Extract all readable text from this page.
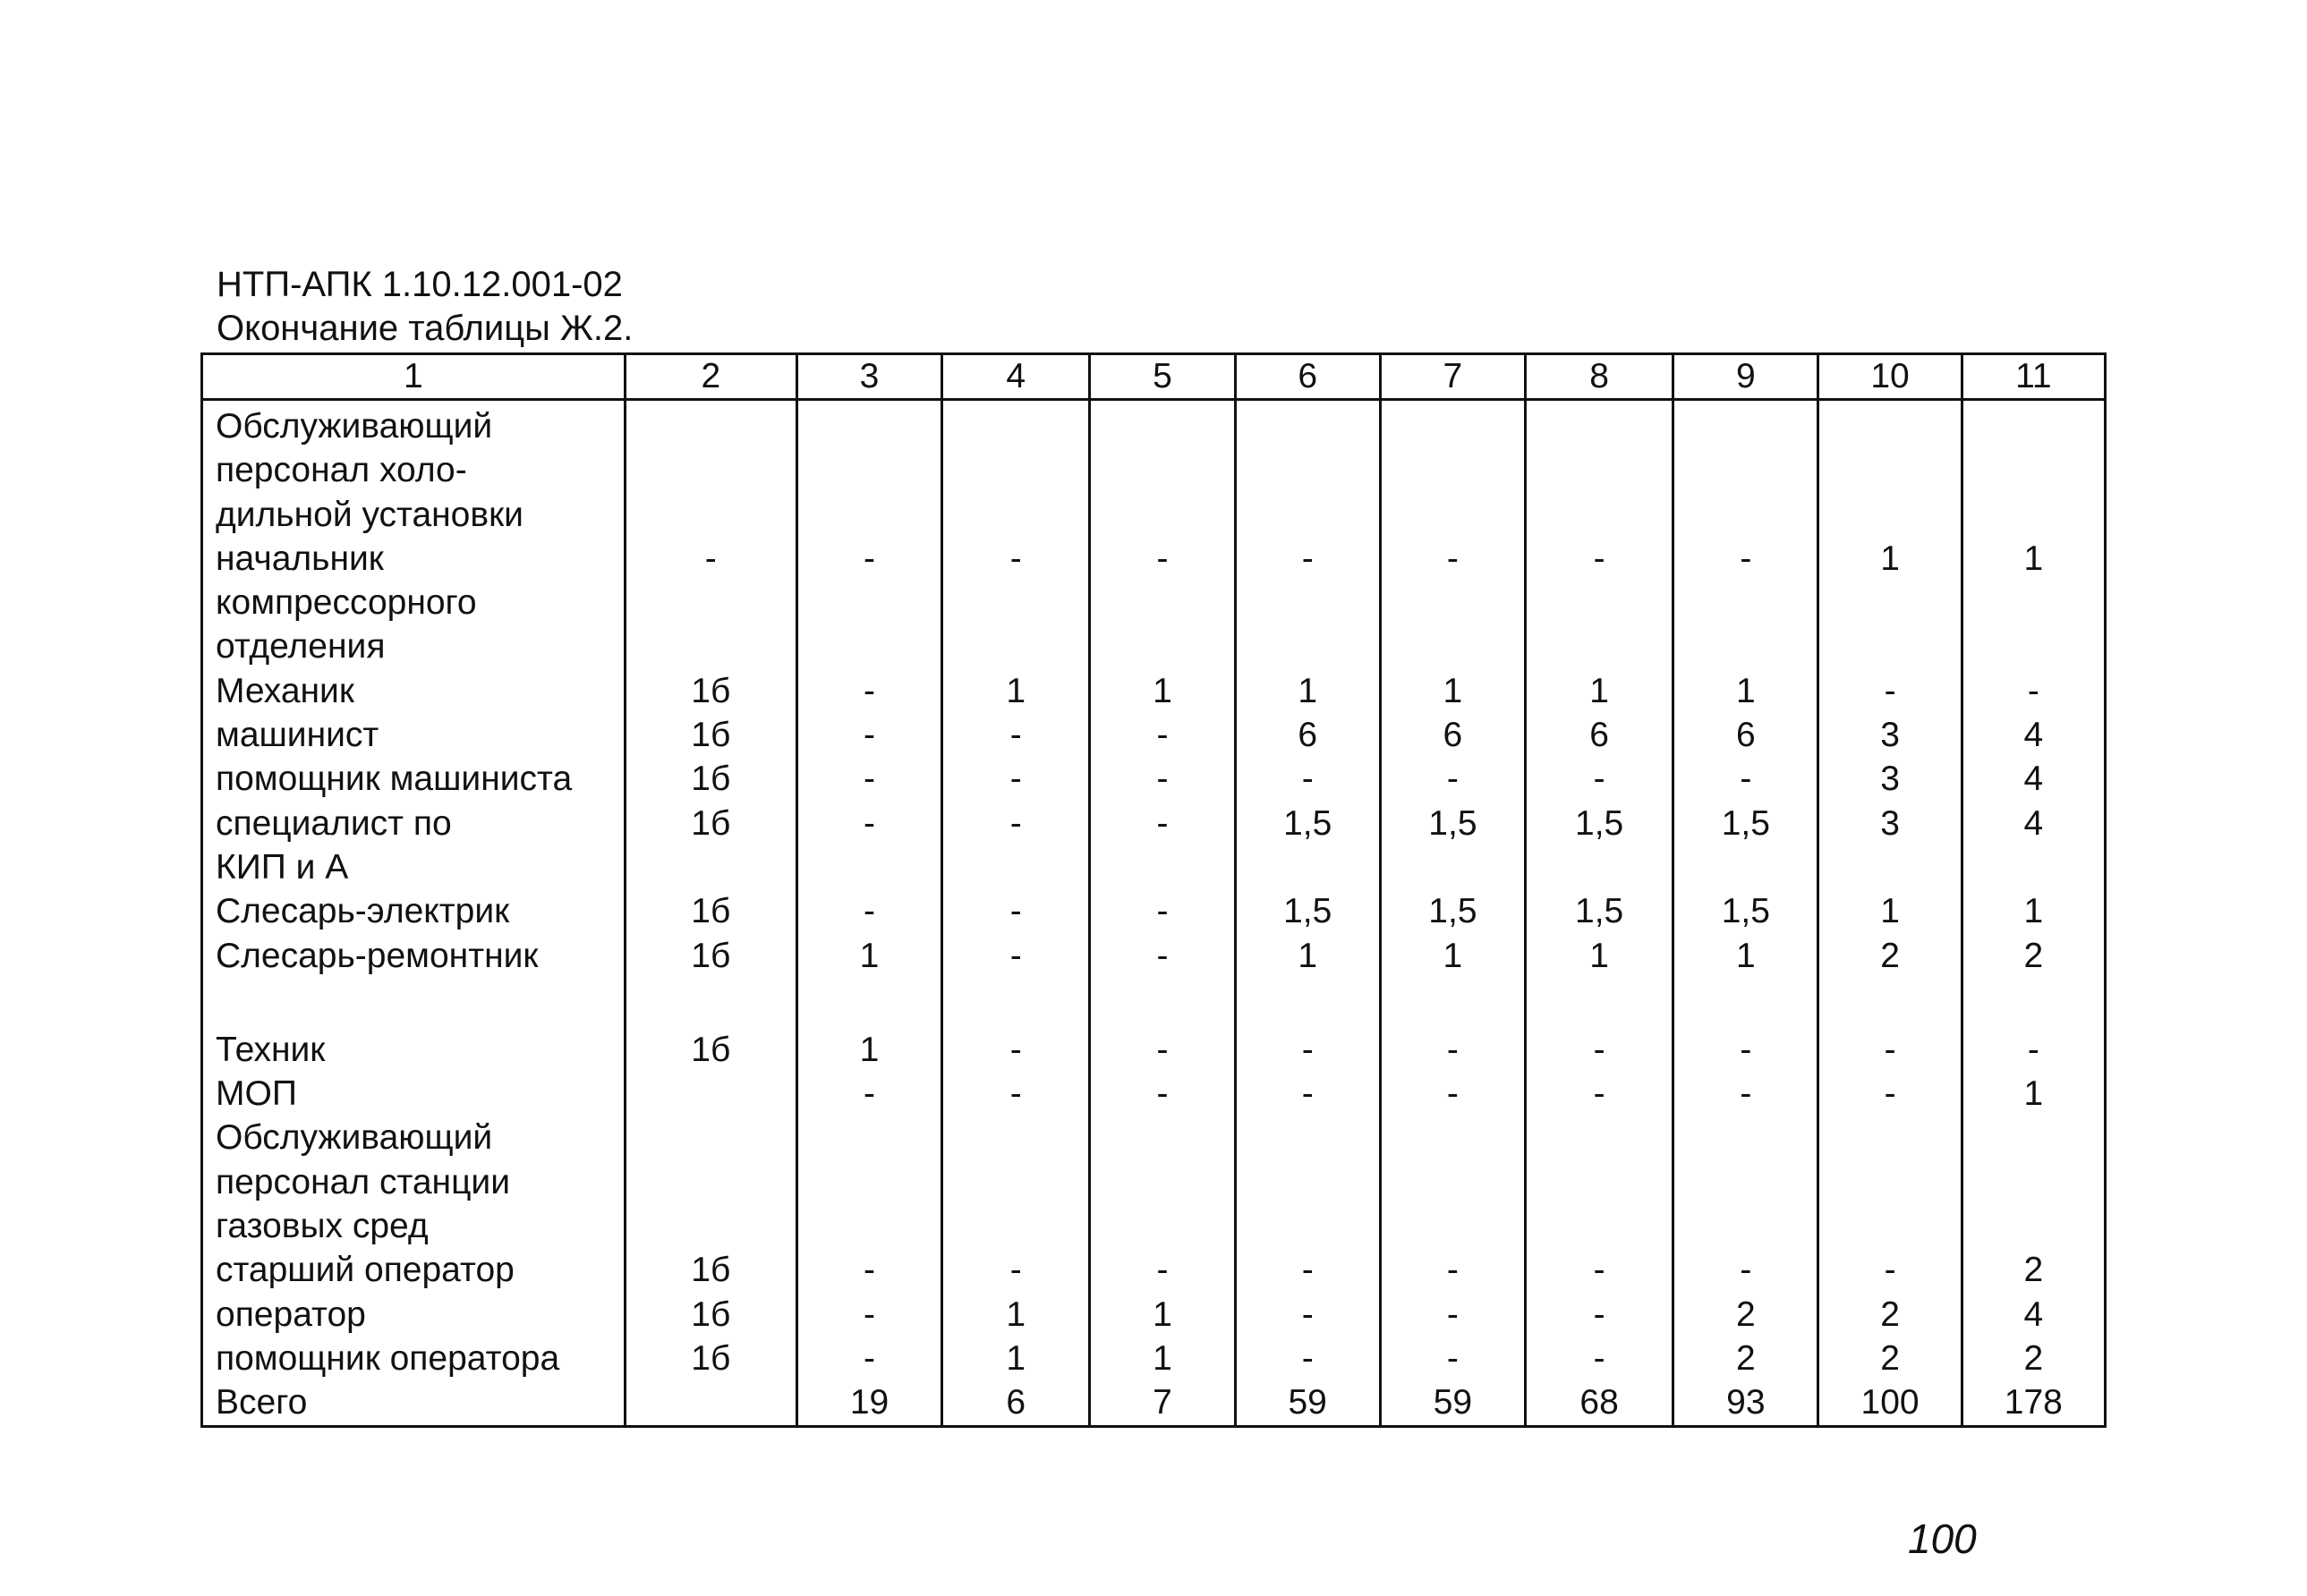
НТП-АПК 1.10.12.001-02
Окончание таблицы Ж.2.
1	2	3	4	5	6	7	8	9	10	11
Обслуживающий										
персонал холо-										
дильной установки										
начальник	-	-	-	-	-	-	-	-	1	1
компрессорного										
отделения										
Механик	1б	-	1	1	1	1	1	1	-	-
машинист	1б	-	-	-	6	6	6	6	3	4
помощник машиниста	1б	-	-	-	-	-	-	-	3	4
специалист по	1б	-	-	-	1,5	1,5	1,5	1,5	3	4
КИП и А										
Слесарь-электрик	1б	-	-	-	1,5	1,5	1,5	1,5	1	1
Слесарь-ремонтник	1б	1	-	-	1	1	1	1	2	2

Техник	1б	1	-	-	-	-	-	-	-	-
МОП		-	-	-	-	-	-	-	-	1
Обслуживающий										
персонал станции										
газовых сред										
старший оператор	1б	-	-	-	-	-	-	-	-	2
оператор	1б	-	1	1	-	-	-	2	2	4
помощник оператора	1б	-	1	1	-	-	-	2	2	2
Всего		19	6	7	59	59	68	93	100	178
100
